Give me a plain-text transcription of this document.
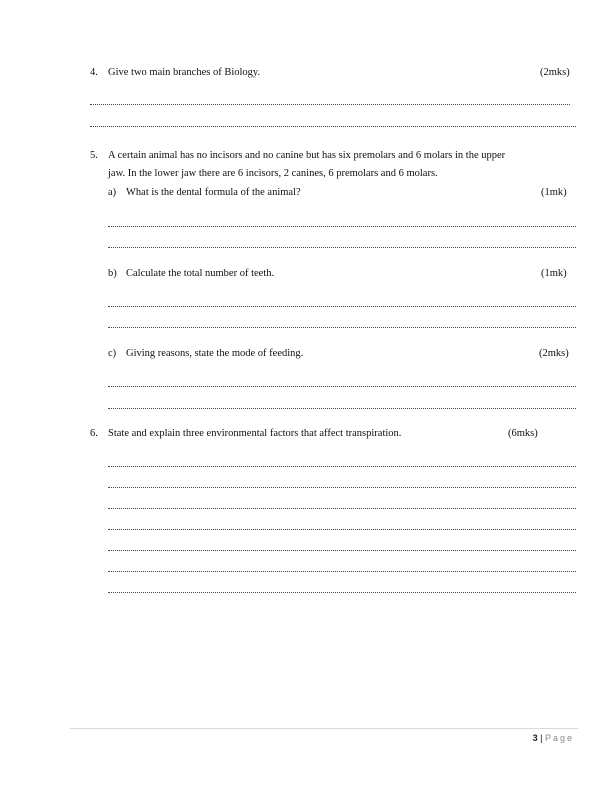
4. Give two main branches of Biology.	(2mks)
5. A certain animal has no incisors and no canine but has six premolars and 6 molars in the upper
jaw. In the lower jaw there are 6 incisors, 2 canines, 6 premolars and 6 molars.
a) What is the dental formula of the animal?	(1mk)
b) Calculate the total number of teeth.	(1mk)
c) Giving reasons, state the mode of feeding.	(2mks)
6. State and explain three environmental factors that affect transpiration.	(6mks)
3 | Page
